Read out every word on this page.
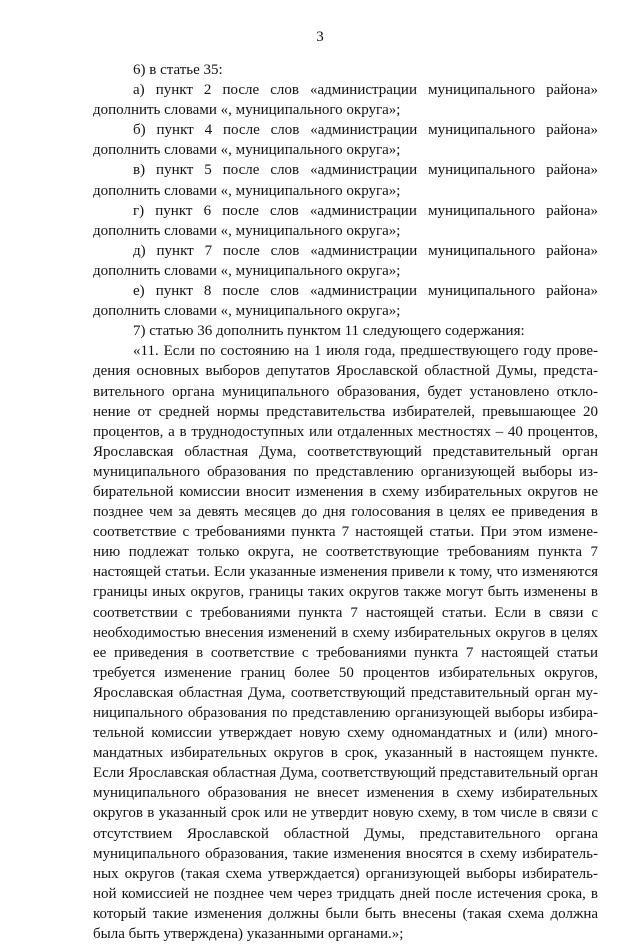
3

6) в статье 35:

а) пункт 2 после слов «администрации муниципального района» дополнить словами «, муниципального округа»;

б) пункт 4 после слов «администрации муниципального района» дополнить словами «, муниципального округа»;

в) пункт 5 после слов «администрации муниципального района» дополнить словами «, муниципального округа»;

г) пункт 6 после слов «администрации муниципального района» дополнить словами «, муниципального округа»;

д) пункт 7 после слов «администрации муниципального района» дополнить словами «, муниципального округа»;

е) пункт 8 после слов «администрации муниципального района» дополнить словами «, муниципального округа»;

7) статью 36 дополнить пунктом 11 следующего содержания:

«11. Если по состоянию на 1 июля года, предшествующего году проведения основных выборов депутатов Ярославской областной Думы, представительного органа муниципального образования, будет установлено отклонение от средней нормы представительства избирателей, превышающее 20 процентов, а в труднодоступных или отдаленных местностях – 40 процентов, Ярославская областная Дума, соответствующий представительный орган муниципального образования по представлению организующей выборы избирательной комиссии вносит изменения в схему избирательных округов не позднее чем за девять месяцев до дня голосования в целях ее приведения в соответствие с требованиями пункта 7 настоящей статьи. При этом изменению подлежат только округа, не соответствующие требованиям пункта 7 настоящей статьи. Если указанные изменения привели к тому, что изменяются границы иных округов, границы таких округов также могут быть изменены в соответствии с требованиями пункта 7 настоящей статьи. Если в связи с необходимостью внесения изменений в схему избирательных округов в целях ее приведения в соответствие с требованиями пункта 7 настоящей статьи требуется изменение границ более 50 процентов избирательных округов, Ярославская областная Дума, соответствующий представительный орган муниципального образования по представлению организующей выборы избирательной комиссии утверждает новую схему одномандатных и (или) многомандатных избирательных округов в срок, указанный в настоящем пункте. Если Ярославская областная Дума, соответствующий представительный орган муниципального образования не внесет изменения в схему избирательных округов в указанный срок или не утвердит новую схему, в том числе в связи с отсутствием Ярославской областной Думы, представительного органа муниципального образования, такие изменения вносятся в схему избирательных округов (такая схема утверждается) организующей выборы избирательной комиссией не позднее чем через тридцать дней после истечения срока, в который такие изменения должны были быть внесены (такая схема должна была быть утверждена) указанными органами.»;
